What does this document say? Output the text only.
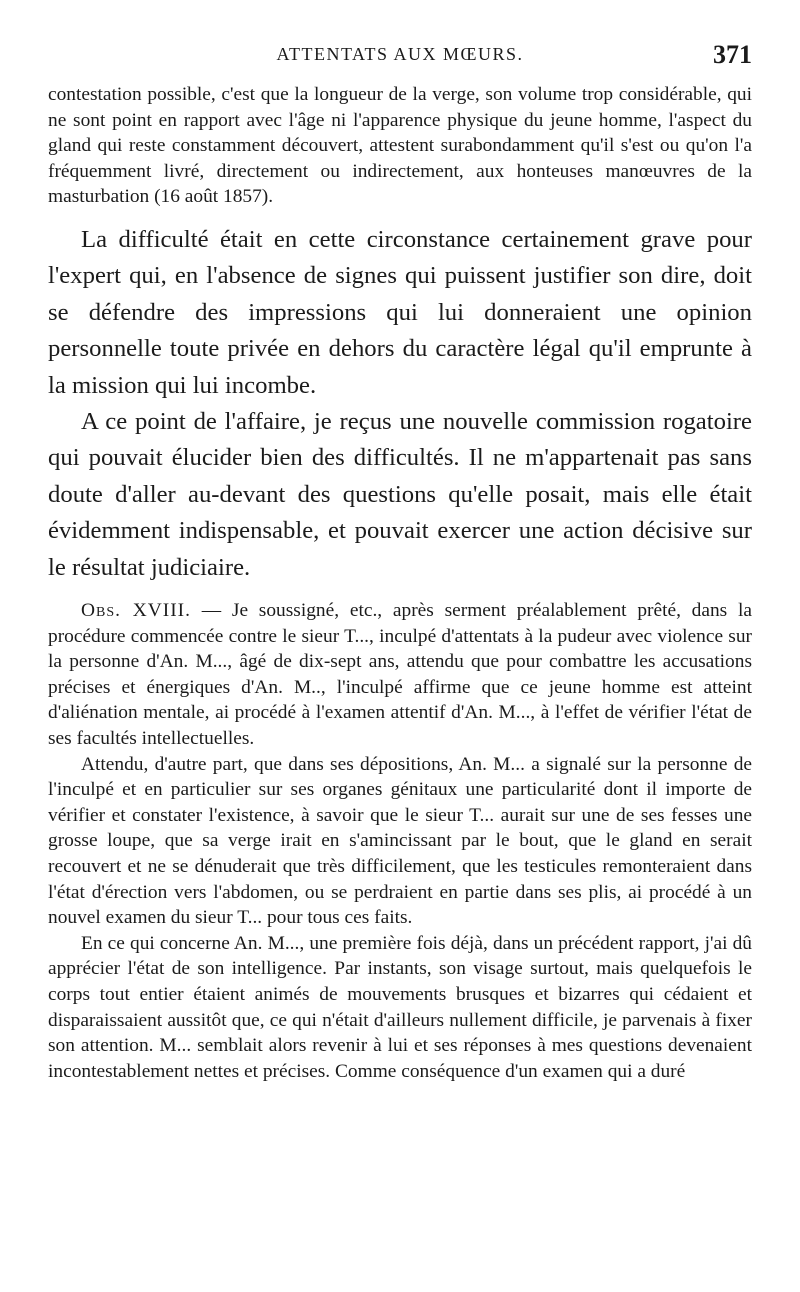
ATTENTATS AUX MŒURS.	371

contestation possible, c'est que la longueur de la verge, son volume trop considérable, qui ne sont point en rapport avec l'âge ni l'apparence physique du jeune homme, l'aspect du gland qui reste constamment découvert, attestent surabondamment qu'il s'est ou qu'on l'a fréquemment livré, directement ou indirectement, aux honteuses manœuvres de la masturbation (16 août 1857).

La difficulté était en cette circonstance certainement grave pour l'expert qui, en l'absence de signes qui puissent justifier son dire, doit se défendre des impressions qui lui donneraient une opinion personnelle toute privée en dehors du caractère légal qu'il emprunte à la mission qui lui incombe.

A ce point de l'affaire, je reçus une nouvelle commission rogatoire qui pouvait élucider bien des difficultés. Il ne m'appartenait pas sans doute d'aller au-devant des questions qu'elle posait, mais elle était évidemment indispensable, et pouvait exercer une action décisive sur le résultat judiciaire.

Obs. XVIII. — Je soussigné, etc., après serment préalablement prêté, dans la procédure commencée contre le sieur T..., inculpé d'attentats à la pudeur avec violence sur la personne d'An. M..., âgé de dix-sept ans, attendu que pour combattre les accusations précises et énergiques d'An. M.., l'inculpé affirme que ce jeune homme est atteint d'aliénation mentale, ai procédé à l'examen attentif d'An. M..., à l'effet de vérifier l'état de ses facultés intellectuelles.

Attendu, d'autre part, que dans ses dépositions, An. M... a signalé sur la personne de l'inculpé et en particulier sur ses organes génitaux une particularité dont il importe de vérifier et constater l'existence, à savoir que le sieur T... aurait sur une de ses fesses une grosse loupe, que sa verge irait en s'amincissant par le bout, que le gland en serait recouvert et ne se dénuderait que très difficilement, que les testicules remonteraient dans l'état d'érection vers l'abdomen, ou se perdraient en partie dans ses plis, ai procédé à un nouvel examen du sieur T... pour tous ces faits.

En ce qui concerne An. M..., une première fois déjà, dans un précédent rapport, j'ai dû apprécier l'état de son intelligence. Par instants, son visage surtout, mais quelquefois le corps tout entier étaient animés de mouvements brusques et bizarres qui cédaient et disparaissaient aussitôt que, ce qui n'était d'ailleurs nullement difficile, je parvenais à fixer son attention. M... semblait alors revenir à lui et ses réponses à mes questions devenaient incontestablement nettes et précises. Comme conséquence d'un examen qui a duré
